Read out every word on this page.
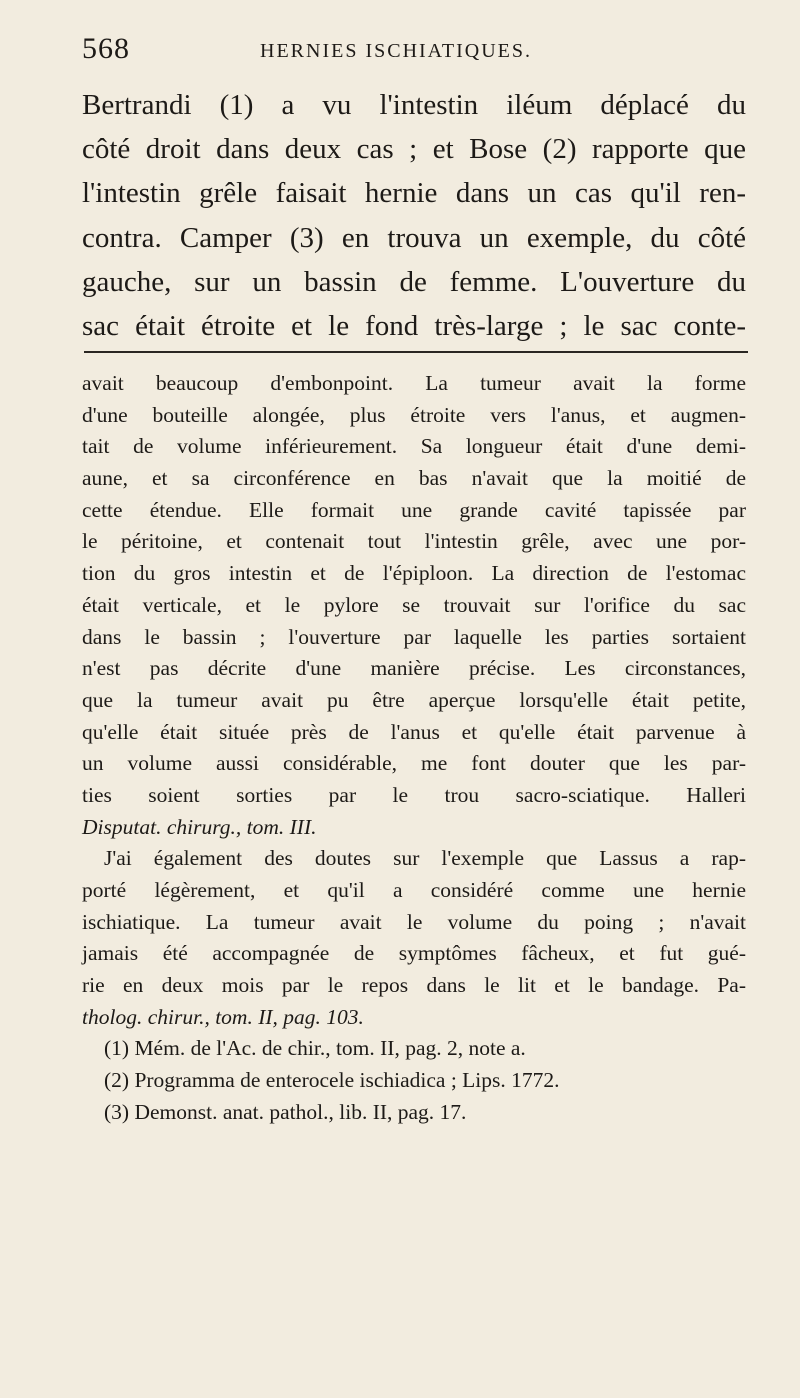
568	HERNIES ISCHIATIQUES.
Bertrandi (1) a vu l'intestin iléum déplacé du
côté droit dans deux cas ; et Bose (2) rapporte que
l'intestin grêle faisait hernie dans un cas qu'il ren-
contra. Camper (3) en trouva un exemple, du côté
gauche, sur un bassin de femme. L'ouverture du
sac était étroite et le fond très-large ; le sac conte-
avait beaucoup d'embonpoint. La tumeur avait la forme
d'une bouteille alongée, plus étroite vers l'anus, et augmen-
tait de volume inférieurement. Sa longueur était d'une demi-
aune, et sa circonférence en bas n'avait que la moitié de
cette étendue. Elle formait une grande cavité tapissée par
le péritoine, et contenait tout l'intestin grêle, avec une por-
tion du gros intestin et de l'épiploon. La direction de l'estomac
était verticale, et le pylore se trouvait sur l'orifice du sac
dans le bassin ; l'ouverture par laquelle les parties sortaient
n'est pas décrite d'une manière précise. Les circonstances,
que la tumeur avait pu être aperçue lorsqu'elle était petite,
qu'elle était située près de l'anus et qu'elle était parvenue à
un volume aussi considérable, me font douter que les par-
ties soient sorties par le trou sacro-sciatique. Halleri
Disputat. chirurg., tom. III.
J'ai également des doutes sur l'exemple que Lassus a rap-
porté légèrement, et qu'il a considéré comme une hernie
ischiatique. La tumeur avait le volume du poing ; n'avait
jamais été accompagnée de symptômes fâcheux, et fut gué-
rie en deux mois par le repos dans le lit et le bandage. Pa-
tholog. chirur., tom. II, pag. 103.
(1) Mém. de l'Ac. de chir., tom. II, pag. 2, note a.
(2) Programma de enterocele ischiadica ; Lips. 1772.
(3) Demonst. anat. pathol., lib. II, pag. 17.
